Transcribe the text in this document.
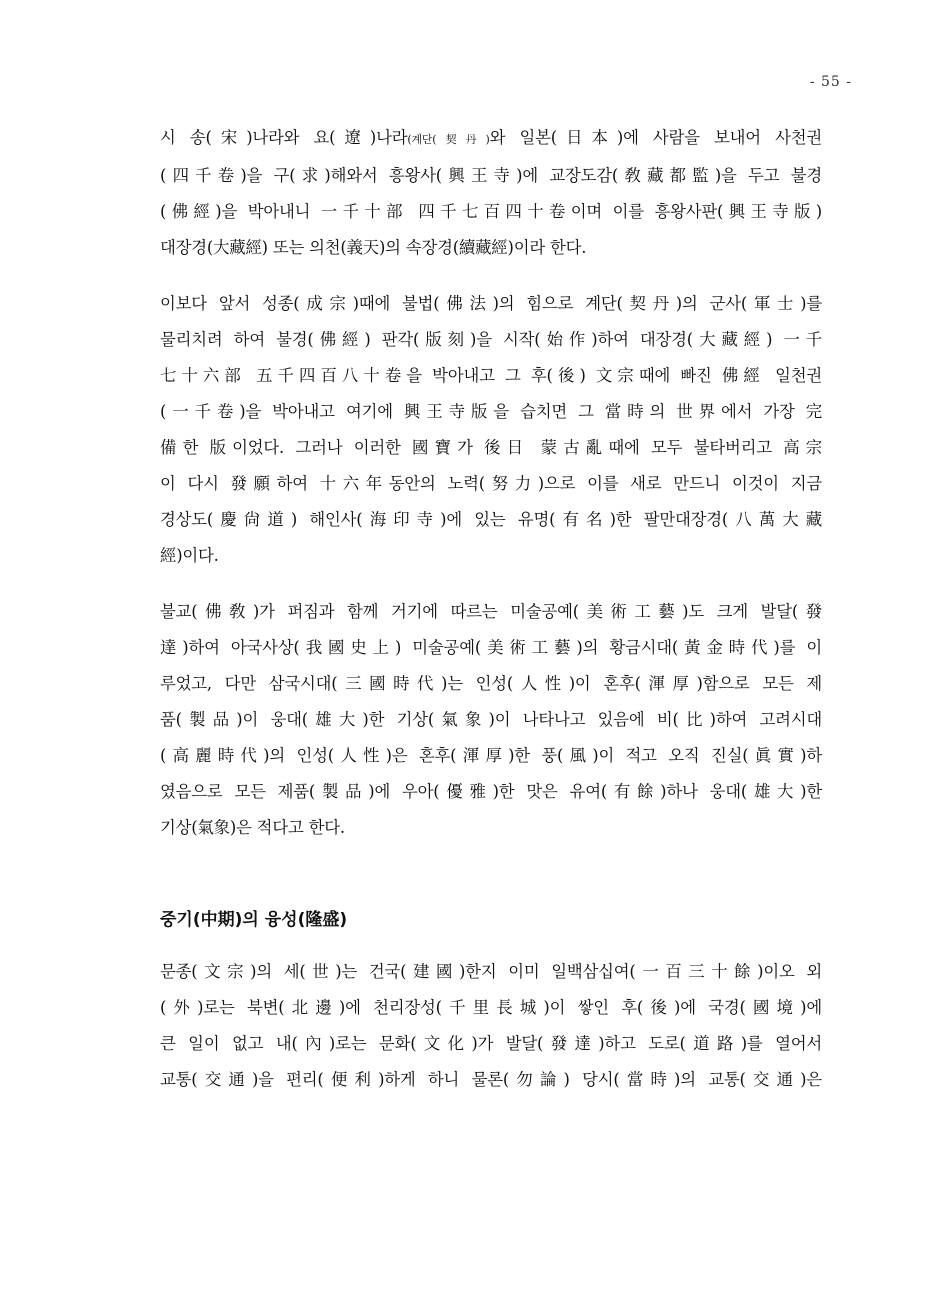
- 55 -

시 송(宋)나라와 요(遼)나라(계단(契丹)와 일본(日本)에 사람을 보내어 사천권
(四千卷)을 구(求)해와서 흥왕사(興王寺)에 교장도감(敎藏都監)을 두고 불경
(佛經)을 박아내니 一千十部 四千七百四十卷이며 이를 흥왕사판(興王寺版)
대장경(大藏經) 또는 의천(義天)의 속장경(續藏經)이라 한다.

이보다 앞서 성종(成宗)때에 불법(佛法)의 힘으로 계단(契丹)의 군사(軍士)를
물리치려 하여 불경(佛經) 판각(版刻)을 시작(始作)하여 대장경(大藏經) 一千
七十六部 五千四百八十卷을 박아내고 그 후(後) 文宗때에 빠진 佛經 일천권
(一千卷)을 박아내고 여기에 興王寺版을 습치면 그 當時의 世界에서 가장 完
備한 版이었다. 그러나 이러한 國寶가 後日 蒙古亂때에 모두 불타버리고 高宗
이 다시 發願하여 十六年동안의 노력(努力)으로 이를 새로 만드니 이것이 지금
경상도(慶尙道) 해인사(海印寺)에 있는 유명(有名)한 팔만대장경(八萬大藏
經)이다.

불교(佛敎)가 퍼짐과 함께 거기에 따르는 미술공예(美術工藝)도 크게 발달(發
達)하여 아국사상(我國史上) 미술공예(美術工藝)의 황금시대(黃金時代)를 이
루었고, 다만 삼국시대(三國時代)는 인성(人性)이 혼후(渾厚)함으로 모든 제
품(製品)이 웅대(雄大)한 기상(氣象)이 나타나고 있음에 비(比)하여 고려시대
(高麗時代)의 인성(人性)은 혼후(渾厚)한 풍(風)이 적고 오직 진실(眞實)하
였음으로 모든 제품(製品)에 우아(優雅)한 맛은 유여(有餘)하나 웅대(雄大)한
기상(氣象)은 적다고 한다.

중기(中期)의 융성(隆盛)

문종(文宗)의 세(世)는 건국(建國)한지 이미 일백삼십여(一百三十餘)이오 외
(外)로는 북변(北邊)에 천리장성(千里長城)이 쌓인 후(後)에 국경(國境)에
큰 일이 없고 내(內)로는 문화(文化)가 발달(發達)하고 도로(道路)를 열어서
교통(交通)을 편리(便利)하게 하니 물론(勿論) 당시(當時)의 교통(交通)은
